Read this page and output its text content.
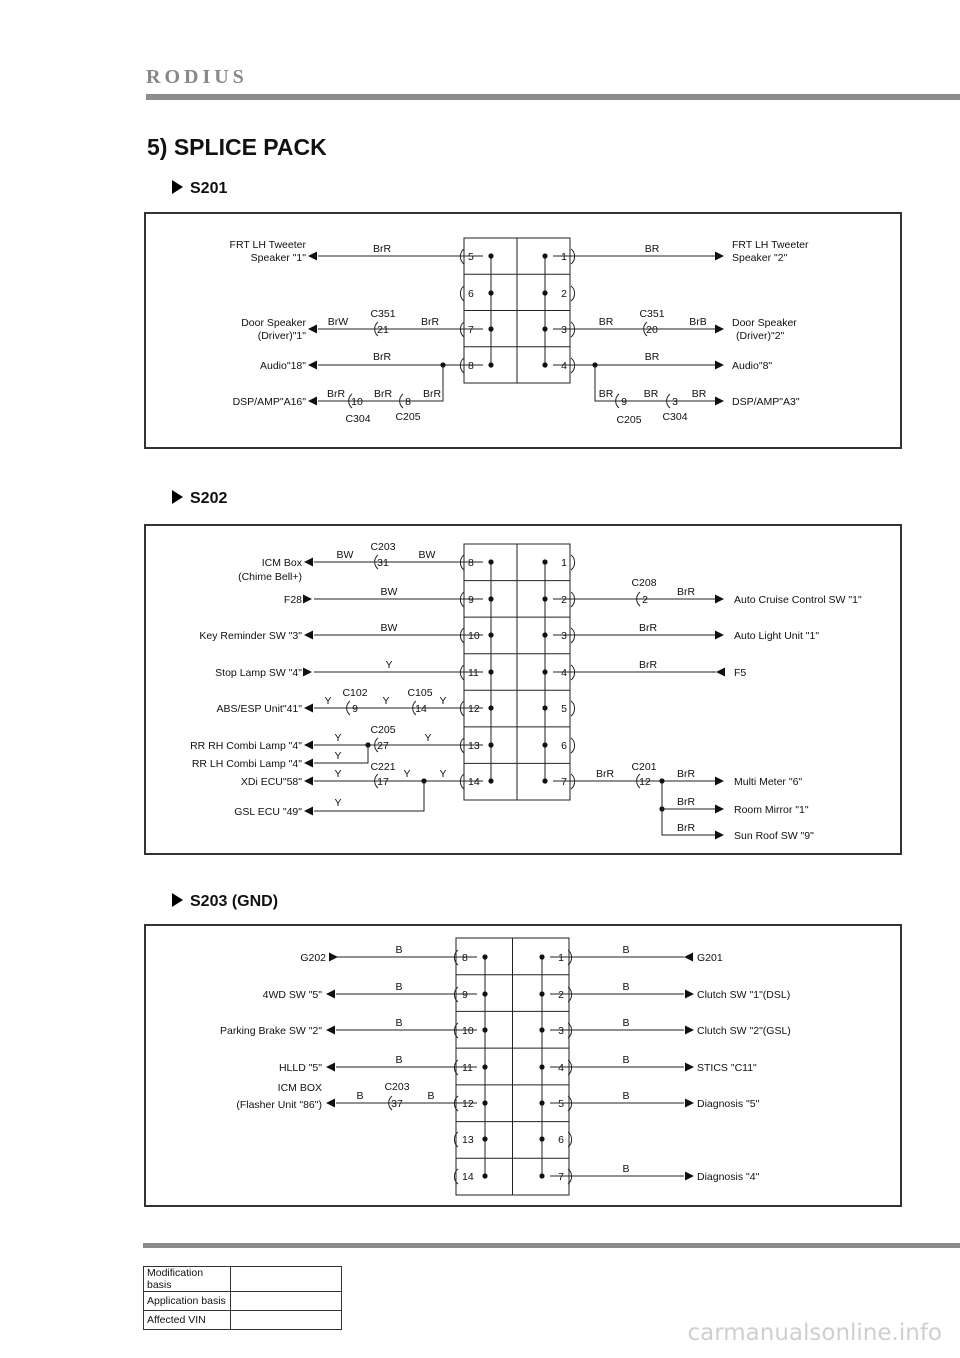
RODIUS
5) SPLICE PACK
S201
5	1
6	2
7	3
8	4
FRT LH Tweeter
Speaker "1"
BrR	FRT LH Tweeter
Speaker "2"
BR
Door Speaker
(Driver)"1"
BrW
C351
21
BrR	BR
C351
20
BrB Door Speaker
(Driver)"2"
Audio"18"
BrR	BR
Audio"8"
DSP/AMP"A16"
BrR
10
BrR
8
BrR
C304 C205
BR
9
BR
3
BR
DSP/AMP"A3"
C205 C304
S202
8	1
9	2
10	3
11	4
12	5
13	6
14	7
ICM Box
(Chime Bell+)
BW
C203
31
BW
F28
BW
Key Reminder SW "3"
BW
Stop Lamp SW "4"
Y
ABS/ESP Unit"41"
Y
C102
9
Y
C105
14
Y
RR RH Combi Lamp "4"
Y
C205
27
Y
RR LH Combi Lamp "4"
Y
XDi ECU"58"
Y
C221
17
Y	Y
GSL ECU "49"
Y
C208
2
BrR
Auto Cruise Control SW "1"
BrR
Auto Light Unit "1"
BrR
F5
BrR
C201
12
BrR
Multi Meter "6"
BrR
Room Mirror "1"
BrR
Sun Roof SW "9"
S203 (GND)
8	1
9	2
10	3
11	4
12	5
13	6
14	7
G202
B
4WD SW "5"
B
Parking Brake SW "2"
B
HLLD "5"
B
ICM BOX
(Flasher Unit "86")
B
C203
37
B
B
G201
B
Clutch SW "1"(DSL)
B
Clutch SW "2"(GSL)
B
STICS "C11"
B
Diagnosis "5"
B
Diagnosis "4"
Modification basis	
Application basis	
Affected VIN		carmanualsonline.info
